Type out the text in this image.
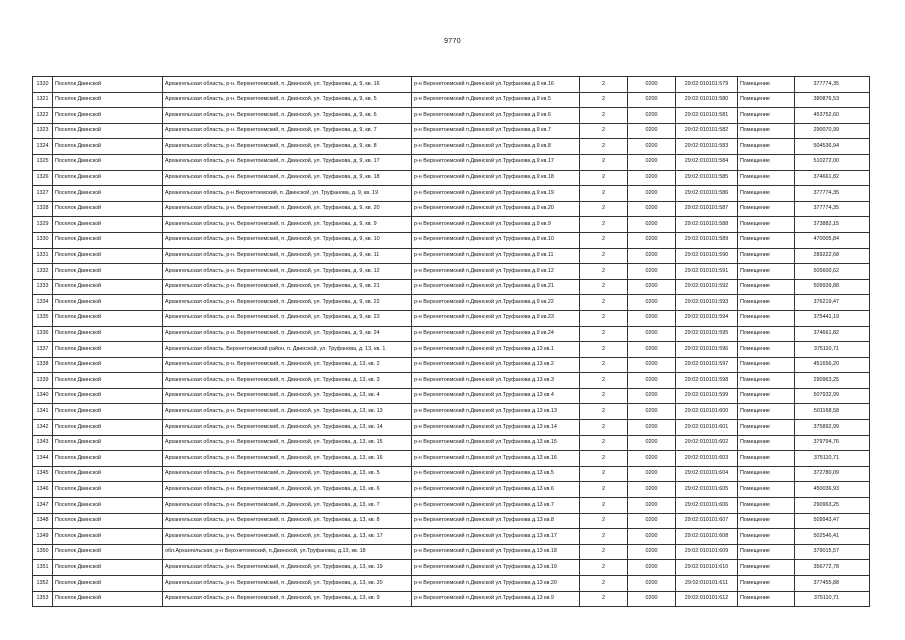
9770
1320	Поселок Двинской	Архангельская область, р-н. Верхнетоемский, п. Двинской, ул. Труфанова, д. 9, кв. 16	р-н Верхнетоемский п.Двинской ул.Труфанова д.9 кв.16	2	0200	29:02:010101:579	Помещение	377774,35
1321	Поселок Двинской	Архангельская область, р-н. Верхнетоемский, п. Двинской, ул. Труфанова, д. 9, кв. 5	р-н Верхнетоемский п.Двинской ул.Труфанова д.9 кв.5	2	0200	29:02:010101:580	Помещение	380876,53
1322	Поселок Двинской	Архангельская область, р-н. Верхнетоемский, п. Двинской, ул. Труфанова, д. 9, кв. 6	р-н Верхнетоемский п.Двинской ул.Труфанова д.9 кв.6	2	0200	29:02:010101:581	Помещение	453752,60
1323	Поселок Двинской	Архангельская область, р-н. Верхнетоемский, п. Двинской, ул. Труфанова, д. 9, кв. 7	р-н Верхнетоемский п.Двинской ул.Труфанова д.9 кв.7	2	0200	29:02:010101:582	Помещение	290070,99
1324	Поселок Двинской	Архангельская область, р-н. Верхнетоемский, п. Двинской, ул. Труфанова, д. 9, кв. 8	р-н Верхнетоемский п.Двинской ул.Труфанова д.9 кв.8	2	0200	29:02:010101:583	Помещение	504536,94
1325	Поселок Двинской	Архангельская область, р-н. Верхнетоемский, п. Двинской, ул. Труфанова, д. 9, кв. 17	р-н Верхнетоемский п.Двинской ул.Труфанова д.9 кв.17	2	0200	29:02:010101:584	Помещение	510272,00
1326	Поселок Двинской	Архангельская область, р-н. Верхнетоемский, п. Двинской, ул. Труфанова, д. 9, кв. 18	р-н Верхнетоемский п.Двинской ул.Труфанова д.9 кв.18	2	0200	29:02:010101:585	Помещение	374661,82
1327	Поселок Двинской	Архангельская область, р-н Верхнетоемский, п. Двинской, ул. Труфанова, д. 9, кв. 19	р-н Верхнетоемский п.Двинской ул.Труфанова д.9 кв.19	2	0200	29:02:010101:586	Помещение	377774,35
1328	Поселок Двинской	Архангельская область, р-н. Верхнетоемский, п. Двинской, ул. Труфанова, д. 9, кв. 20	р-н Верхнетоемский п.Двинской ул.Труфанова д.9 кв.20	2	0200	29:02:010101:587	Помещение	377774,35
1329	Поселок Двинской	Архангельская область, р-н. Верхнетоемский, п. Двинской, ул. Труфанова, д. 9, кв. 9	р-н Верхнетоемский п.Двинской ул.Труфанова д.9 кв.9	2	0200	29:02:010101:588	Помещение	373882,15
1330	Поселок Двинской	Архангельская область, р-н. Верхнетоемский, п. Двинской, ул. Труфанова, д. 9, кв. 10	р-н Верхнетоемский п.Двинской ул.Труфанова д.9 кв.10	2	0200	29:02:010101:589	Помещение	470005,84
1331	Поселок Двинской	Архангельская область, р-н. Верхнетоемский, п. Двинской, ул. Труфанова, д. 9, кв. 11	р-н Верхнетоемский п.Двинской ул.Труфанова д.9 кв.11	2	0200	29:02:010101:590	Помещение	289222,68
1332	Поселок Двинской	Архангельская область, р-н. Верхнетоемский, п. Двинской, ул. Труфанова, д. 9, кв. 12	р-н Верхнетоемский п.Двинской ул.Труфанова д.9 кв.12	2	0200	29:02:010101:591	Помещение	505600,62
1333	Поселок Двинской	Архангельская область, р-н. Верхнетоемский, п. Двинской, ул. Труфанова, д. 9, кв. 21	р-н Верхнетоемский п.Двинской ул.Труфанова д.9 кв.21	2	0200	29:02:010101:592	Помещение	509939,88
1334	Поселок Двинской	Архангельская область, р-н. Верхнетоемский, п. Двинской, ул. Труфанова, д. 9, кв. 22	р-н Верхнетоемский п.Двинской ул.Труфанова д.9 кв.22	2	0200	29:02:010101:593	Помещение	376219,47
1335	Поселок Двинской	Архангельская область, р-н. Верхнетоемский, п. Двинской, ул. Труфанова, д. 9, кв. 23	р-н Верхнетоемский п.Двинской ул.Труфанова д.9 кв.23	2	0200	29:02:010101:594	Помещение	375441,19
1336	Поселок Двинской	Архангельская область, р-н. Верхнетоемский, п. Двинской, ул. Труфанова, д. 9, кв. 24	р-н Верхнетоемский п.Двинской ул.Труфанова д.9 кв.24	2	0200	29:02:010101:595	Помещение	374661,82
1337	Поселок Двинской	Архангельская область, Верхнетоемский район, п. Двинской, ул. Труфанова, д. 13, кв. 1	р-н Верхнетоемский п.Двинской ул.Труфанова д.13 кв.1	2	0200	29:02:010101:596	Помещение	375110,71
1338	Поселок Двинской	Архангельская область, р-н. Верхнетоемский, п. Двинской, ул. Труфанова, д. 13, кв. 2	р-н Верхнетоемский п.Двинской ул.Труфанова д.13 кв.2	2	0200	29:02:010101:597	Помещение	451656,20
1339	Поселок Двинской	Архангельская область, р-н. Верхнетоемский, п. Двинской, ул. Труфанова, д. 13, кв. 3	р-н Верхнетоемский п.Двинской ул.Труфанова д.13 кв.3	2	0200	29:02:010101:598	Помещение	290963,25
1340	Поселок Двинской	Архангельская область, р-н. Верхнетоемский, п. Двинской, ул. Труфанова, д. 13, кв. 4	р-н Верхнетоемский п.Двинской ул.Труфанова д.13 кв.4	2	0200	29:02:010101:599	Помещение	507932,99
1341	Поселок Двинской	Архангельская область, р-н. Верхнетоемский, п. Двинской, ул. Труфанова, д. 13, кв. 13	р-н Верхнетоемский п.Двинской ул.Труфанова д.13 кв.13	2	0200	29:02:010101:600	Помещение	501168,58
1342	Поселок Двинской	Архангельская область, р-н. Верхнетоемский, п. Двинской, ул. Труфанова, д. 13, кв. 14	р-н Верхнетоемский п.Двинской ул.Труфанова д.13 кв.14	2	0200	29:02:010101:601	Помещение	375892,99
1343	Поселок Двинской	Архангельская область, р-н. Верхнетоемский, п. Двинской, ул. Труфанова, д. 13, кв. 15	р-н Верхнетоемский п.Двинской ул.Труфанова д.13 кв.15	2	0200	29:02:010101:602	Помещение	379794,76
1344	Поселок Двинской	Архангельская область, р-н. Верхнетоемский, п. Двинской, ул. Труфанова, д. 13, кв. 16	р-н Верхнетоемский п.Двинской ул.Труфанова д.13 кв.16	2	0200	29:02:010101:603	Помещение	375110,71
1345	Поселок Двинской	Архангельская область, р-н. Верхнетоемский, п. Двинской, ул. Труфанова, д. 13, кв. 5	р-н Верхнетоемский п.Двинской ул.Труфанова д.13 кв.5	2	0200	29:02:010101:604	Помещение	372780,09
1346	Поселок Двинской	Архангельская область, р-н. Верхнетоемский, п. Двинской, ул. Труфанова, д. 13, кв. 6	р-н Верхнетоемский п.Двинской ул.Труфанова д.13 кв.6	2	0200	29:02:010101:605	Помещение	450036,93
1347	Поселок Двинской	Архангельская область, р-н. Верхнетоемский, п. Двинской, ул. Труфанова, д. 13, кв. 7	р-н Верхнетоемский п.Двинской ул.Труфанова д.13 кв.7	2	0200	29:02:010101:606	Помещение	290963,25
1348	Поселок Двинской	Архангельская область, р-н. Верхнетоемский, п. Двинской, ул. Труфанова, д. 13, кв. 8	р-н Верхнетоемский п.Двинской ул.Труфанова д.13 кв.8	2	0200	29:02:010101:607	Помещение	509943,47
1349	Поселок Двинской	Архангельская область, р-н. Верхнетоемский, п. Двинской, ул. Труфанова, д. 13, кв. 17	р-н Верхнетоемский п.Двинской ул.Труфанова д.13 кв.17	2	0200	29:02:010101:608	Помещение	502546,41
1350	Поселок Двинской	обл.Архангельская, р-н Верхнетоемский, п.Двинской, ул.Труфанова, д.13, кв. 18	р-н Верхнетоемский п.Двинской ул.Труфанова д.13 кв.18	2	0200	29:02:010101:609	Помещение	379015,57
1351	Поселок Двинской	Архангельская область, р-н. Верхнетоемский, п. Двинской, ул. Труфанова, д. 13, кв. 19	р-н Верхнетоемский п.Двинской ул.Труфанова д.13 кв.19	2	0200	29:02:010101:610	Помещение	356772,78
1352	Поселок Двинской	Архангельская область, р-н. Верхнетоемский, п. Двинской, ул. Труфанова, д. 13, кв. 20	р-н Верхнетоемский п.Двинской ул.Труфанова д.13 кв.20	2	0200	29:02:010101:611	Помещение	377455,88
1353	Поселок Двинской	Архангельская область, р-н. Верхнетоемский, п. Двинской, ул. Труфанова, д. 13, кв. 9	р-н Верхнетоемский п.Двинской ул.Труфанова д.13 кв.9	2	0200	29:02:010101:612	Помещение	375110,71
